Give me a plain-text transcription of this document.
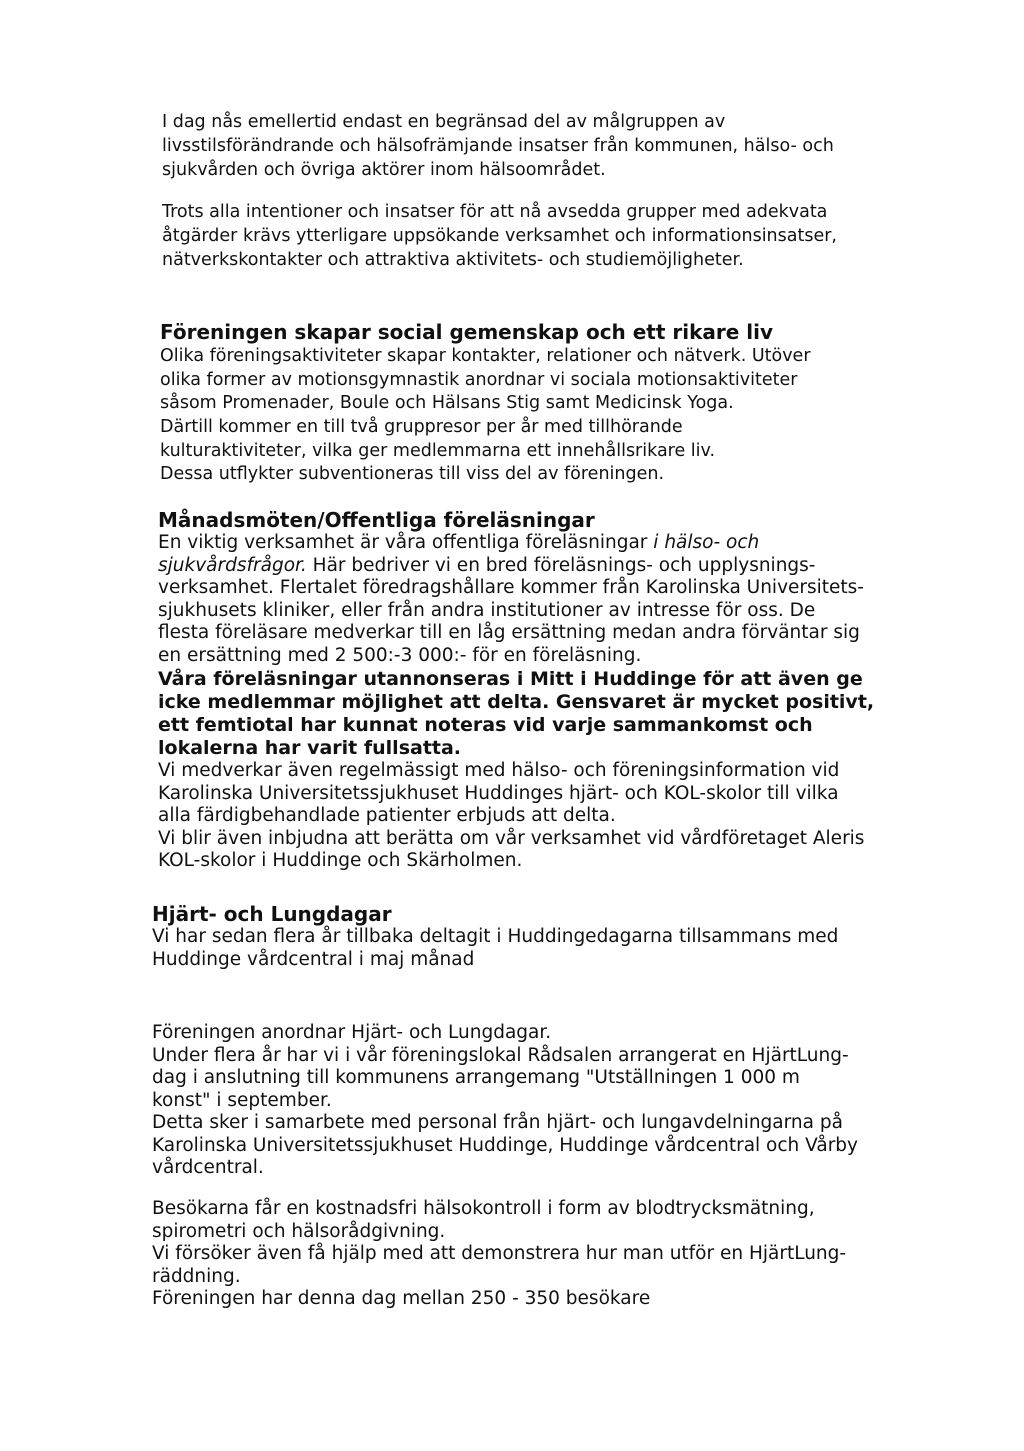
I dag nås emellertid endast en begränsad del av målgruppen av
livsstilsförändrande och hälsofrämjande insatser från kommunen, hälso- och
sjukvården och övriga aktörer inom hälsoområdet.
Trots alla intentioner och insatser för att nå avsedda grupper med adekvata
åtgärder krävs ytterligare uppsökande verksamhet och informationsinsatser,
nätverkskontakter och attraktiva aktivitets- och studiemöjligheter.
Föreningen skapar social gemenskap och ett rikare liv
Olika föreningsaktiviteter skapar kontakter, relationer och nätverk. Utöver
olika former av motionsgymnastik anordnar vi sociala motionsaktiviteter
såsom Promenader, Boule och Hälsans Stig samt Medicinsk Yoga.
Därtill kommer en till två gruppresor per år med tillhörande
kulturaktiviteter, vilka ger medlemmarna ett innehållsrikare liv.
Dessa utflykter subventioneras till viss del av föreningen.
Månadsmöten/Offentliga föreläsningar
En viktig verksamhet är våra offentliga föreläsningar i hälso- och
sjukvårdsfrågor. Här bedriver vi en bred föreläsnings- och upplysnings-
verksamhet. Flertalet föredragshållare kommer från Karolinska Universitets-
sjukhusets kliniker, eller från andra institutioner av intresse för oss. De
flesta föreläsare medverkar till en låg ersättning medan andra förväntar sig
en ersättning med 2 500:-3 000:- för en föreläsning.
Våra föreläsningar utannonseras i Mitt i Huddinge för att även ge
icke medlemmar möjlighet att delta. Gensvaret är mycket positivt,
ett femtiotal har kunnat noteras vid varje sammankomst och
lokalerna har varit fullsatta.
Vi medverkar även regelmässigt med hälso- och föreningsinformation vid
Karolinska Universitetssjukhuset Huddinges hjärt- och KOL-skolor till vilka
alla färdigbehandlade patienter erbjuds att delta.
Vi blir även inbjudna att berätta om vår verksamhet vid vårdföretaget Aleris
KOL-skolor i Huddinge och Skärholmen.
Hjärt- och Lungdagar
Vi har sedan flera år tillbaka deltagit i Huddingedagarna tillsammans med
Huddinge vårdcentral i maj månad
Föreningen anordnar Hjärt- och Lungdagar.
Under flera år har vi i vår föreningslokal Rådsalen arrangerat en HjärtLung-
dag i anslutning till kommunens arrangemang "Utställningen 1 000 m
konst" i september.
Detta sker i samarbete med personal från hjärt- och lungavdelningarna på
Karolinska Universitetssjukhuset Huddinge, Huddinge vårdcentral och Vårby
vårdcentral.
Besökarna får en kostnadsfri hälsokontroll i form av blodtrycksmätning,
spirometri och hälsorådgivning.
Vi försöker även få hjälp med att demonstrera hur man utför en HjärtLung-
räddning.
Föreningen har denna dag mellan 250 - 350 besökare
